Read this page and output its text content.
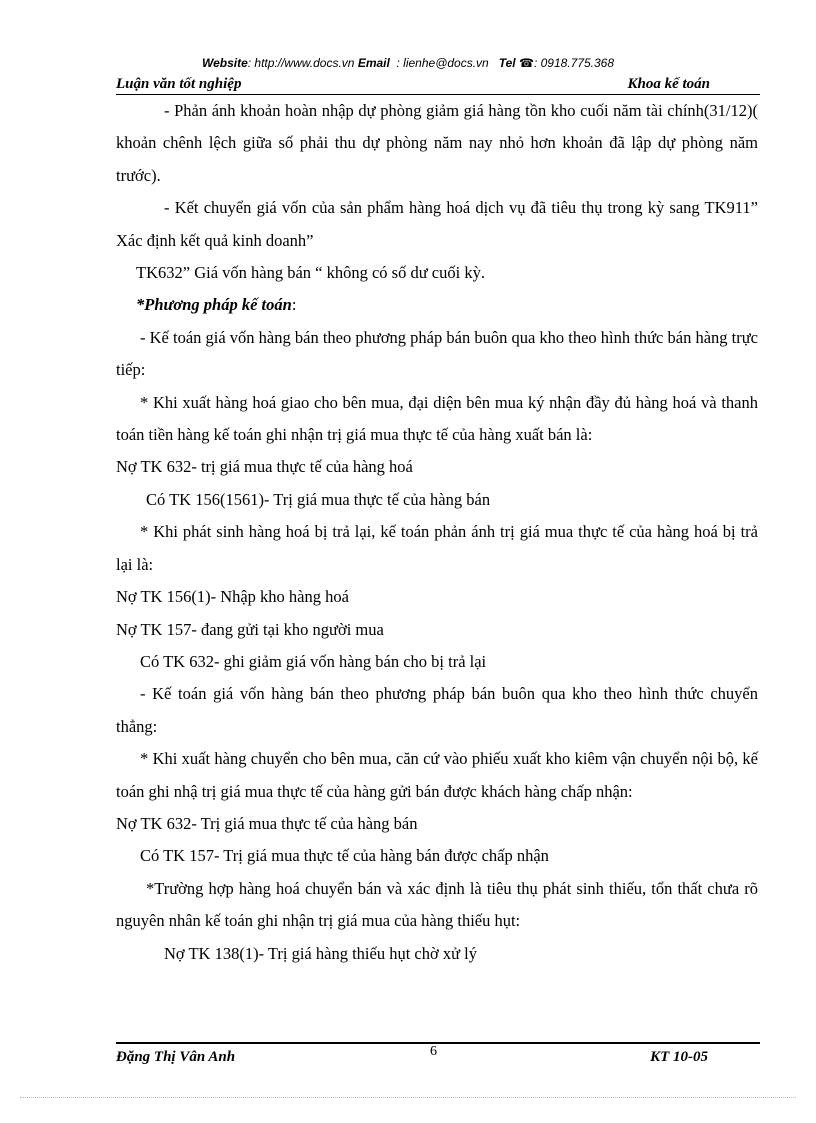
Website: http://www.docs.vn Email : lienhe@docs.vn Tel ☎: 0918.775.368
Luận văn tốt nghiệp	Khoa kế toán

- Phản ánh khoản hoàn nhập dự phòng giảm giá hàng tồn kho cuối năm tài chính(31/12)( khoản chênh lệch giữa số phải thu dự phòng năm nay nhỏ hơn khoản đã lập dự phòng năm trước).

- Kết chuyển giá vốn của sản phẩm hàng hoá dịch vụ đã tiêu thụ trong kỳ sang TK911” Xác định kết quả kinh doanh”

TK632” Giá vốn hàng bán “ không có số dư cuối kỳ.

*Phương pháp kế toán:

- Kế toán giá vốn hàng bán theo phương pháp bán buôn qua kho theo hình thức bán hàng trực tiếp:

* Khi xuất hàng hoá giao cho bên mua, đại diện bên mua ký nhận đầy đủ hàng hoá và thanh toán tiền hàng kế toán ghi nhận trị giá mua thực tế của hàng xuất bán là:

Nợ TK 632- trị giá mua thực tế của hàng hoá

Có TK 156(1561)- Trị giá mua thực tế của hàng bán

* Khi phát sinh hàng hoá bị trả lại, kế toán phản ánh trị giá mua thực tế của hàng hoá bị trả lại là:

Nợ TK 156(1)- Nhập kho hàng hoá

Nợ TK 157- đang gửi tại kho người mua

Có TK 632- ghi giảm giá vốn hàng bán cho bị trả lại

- Kế toán giá vốn hàng bán theo phương pháp bán buôn qua kho theo hình thức chuyển thẳng:

* Khi xuất hàng chuyển cho bên mua, căn cứ vào phiếu xuất kho kiêm vận chuyển nội bộ, kế toán ghi nhậ trị giá mua thực tế của hàng gửi bán được khách hàng chấp nhận:

Nợ TK 632- Trị giá mua thực tế của hàng bán

Có TK 157- Trị giá mua thực tế của hàng bán được chấp nhận

*Trường hợp hàng hoá chuyển bán và xác định là tiêu thụ phát sinh thiếu, tổn thất chưa rõ nguyên nhân kế toán ghi nhận trị giá mua của hàng thiếu hụt:

Nợ TK 138(1)- Trị giá hàng thiếu hụt chờ xử lý

Đặng Thị Vân Anh	6	KT 10-05
